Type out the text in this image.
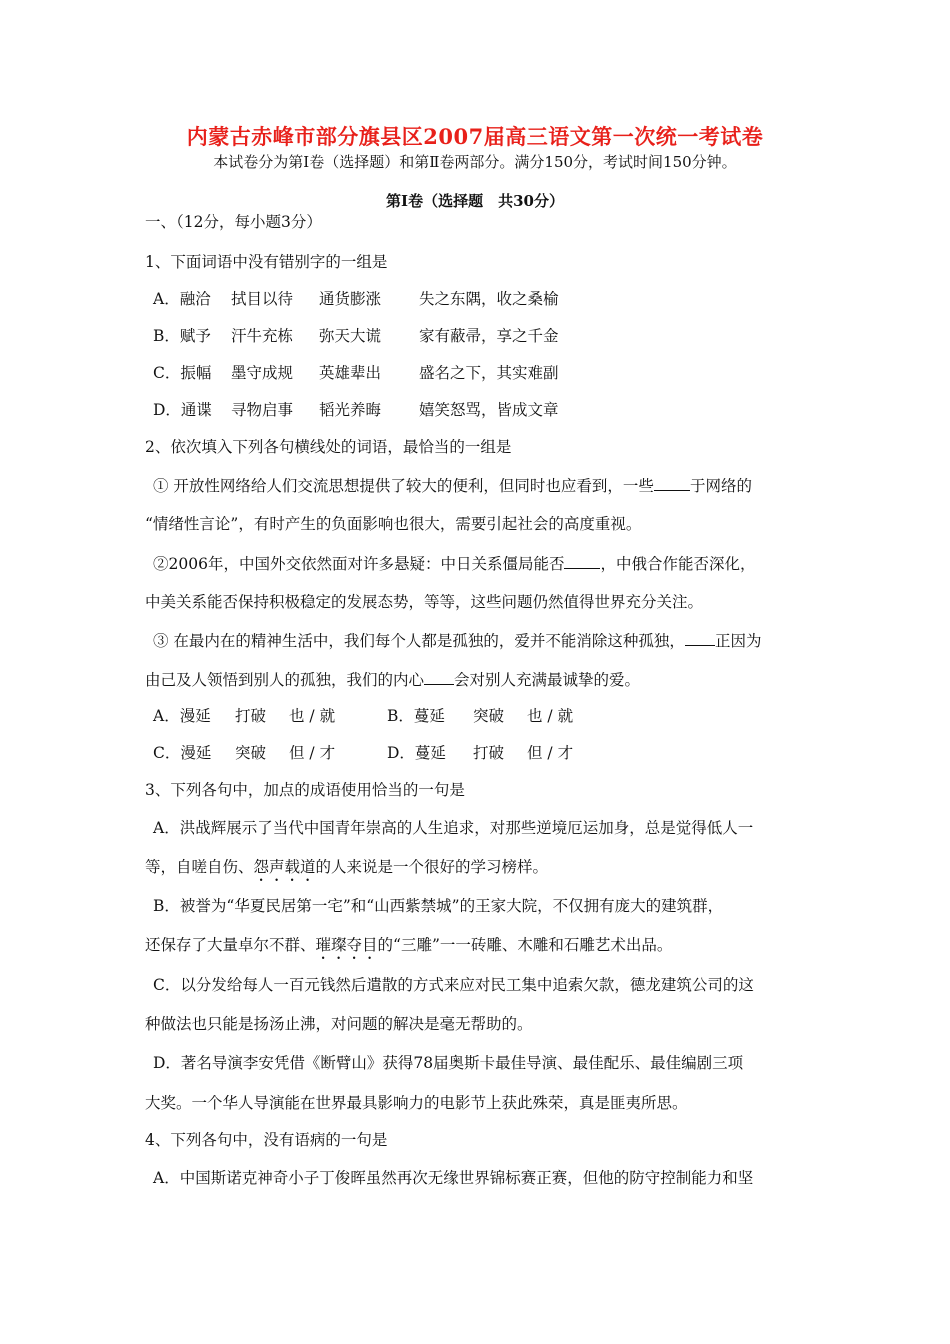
内蒙古赤峰市部分旗县区2007届高三语文第一次统一考试卷
本试卷分为第Ⅰ卷（选择题）和第Ⅱ卷两部分。满分150分，考试时间150分钟。
第Ⅰ卷（选择题　共30分）
一、（12分，每小题3分）
1、下面词语中没有错别字的一组是
A．融洽 拭目以待 通货膨涨 失之东隅，收之桑榆
B．赋予 汗牛充栋 弥天大谎 家有蔽帚，享之千金
C．振幅 墨守成规 英雄辈出 盛名之下，其实难副
D．通谍 寻物启事 韬光养晦 嬉笑怒骂，皆成文章
2、依次填入下列各句横线处的词语，最恰当的一组是
① 开放性网络给人们交流思想提供了较大的便利，但同时也应看到，一些 于网络的
“情绪性言论”，有时产生的负面影响也很大，需要引起社会的高度重视。
②2006年，中国外交依然面对许多悬疑：中日关系僵局能否 ，中俄合作能否深化，
中美关系能否保持积极稳定的发展态势，等等，这些问题仍然值得世界充分关注。
③ 在最内在的精神生活中，我们每个人都是孤独的，爱并不能消除这种孤独， 正因为
由己及人领悟到别人的孤独，我们的内心 会对别人充满最诚挚的爱。
A．漫延 打破 也 / 就	B．蔓延 突破 也 / 就
C．漫延 突破 但 / 才	D．蔓延 打破 但 / 才
3、下列各句中，加点的成语使用恰当的一句是
A．洪战辉展示了当代中国青年崇高的人生追求，对那些逆境厄运加身，总是觉得低人一
等，自嗟自伤、怨声载道的人来说是一个很好的学习榜样。
B．被誉为“华夏民居第一宅”和“山西紫禁城”的王家大院，不仅拥有庞大的建筑群，
还保存了大量卓尔不群、璀璨夺目的“三雕”一一砖雕、木雕和石雕艺术出品。
C．以分发给每人一百元钱然后遣散的方式来应对民工集中追索欠款，德龙建筑公司的这
种做法也只能是扬汤止沸，对问题的解决是毫无帮助的。
D．著名导演李安凭借《断臂山》获得78届奥斯卡最佳导演、最佳配乐、最佳编剧三项
大奖。一个华人导演能在世界最具影响力的电影节上获此殊荣，真是匪夷所思。
4、下列各句中，没有语病的一句是
A．中国斯诺克神奇小子丁俊晖虽然再次无缘世界锦标赛正赛，但他的防守控制能力和坚
